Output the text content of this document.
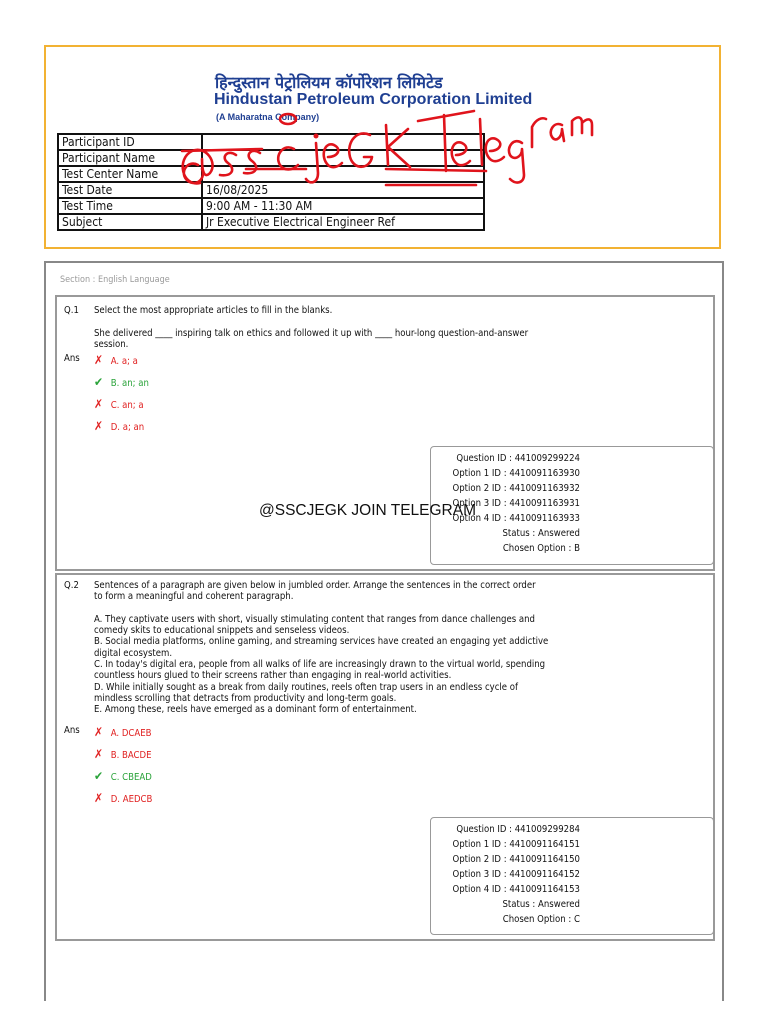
हिन्दुस्तान पेट्रोलियम कॉर्पोरेशन लिमिटेड
Hindustan Petroleum Corporation Limited
(A Maharatna Company)
Participant ID	
Participant Name	
Test Center Name	
Test Date	16/08/2025
Test Time	9:00 AM - 11:30 AM
Subject	Jr Executive Electrical Engineer Ref
Section : English Language
Q.1 Select the most appropriate articles to fill in the blanks.

She delivered ____ inspiring talk on ethics and followed it up with ____ hour-long question-and-answer
session.
Ans ✗ A. a; a
✔ B. an; an
✗ C. an; a
✗ D. a; an
Question ID : 441009299224
Option 1 ID : 4410091163930
Option 2 ID : 4410091163932
Option 3 ID : 4410091163931
Option 4 ID : 4410091163933
Status : Answered
Chosen Option : B
Q.2 Sentences of a paragraph are given below in jumbled order. Arrange the sentences in the correct order
to form a meaningful and coherent paragraph.

A. They captivate users with short, visually stimulating content that ranges from dance challenges and
comedy skits to educational snippets and senseless videos.
B. Social media platforms, online gaming, and streaming services have created an engaging yet addictive
digital ecosystem.
C. In today's digital era, people from all walks of life are increasingly drawn to the virtual world, spending
countless hours glued to their screens rather than engaging in real-world activities.
D. While initially sought as a break from daily routines, reels often trap users in an endless cycle of
mindless scrolling that detracts from productivity and long-term goals.
E. Among these, reels have emerged as a dominant form of entertainment.
Ans ✗ A. DCAEB
✗ B. BACDE
✔ C. CBEAD
✗ D. AEDCB
Question ID : 441009299284
Option 1 ID : 4410091164151
Option 2 ID : 4410091164150
Option 3 ID : 4410091164152
Option 4 ID : 4410091164153
Status : Answered
Chosen Option : C
@SSCJEGK JOIN TELEGRAM
